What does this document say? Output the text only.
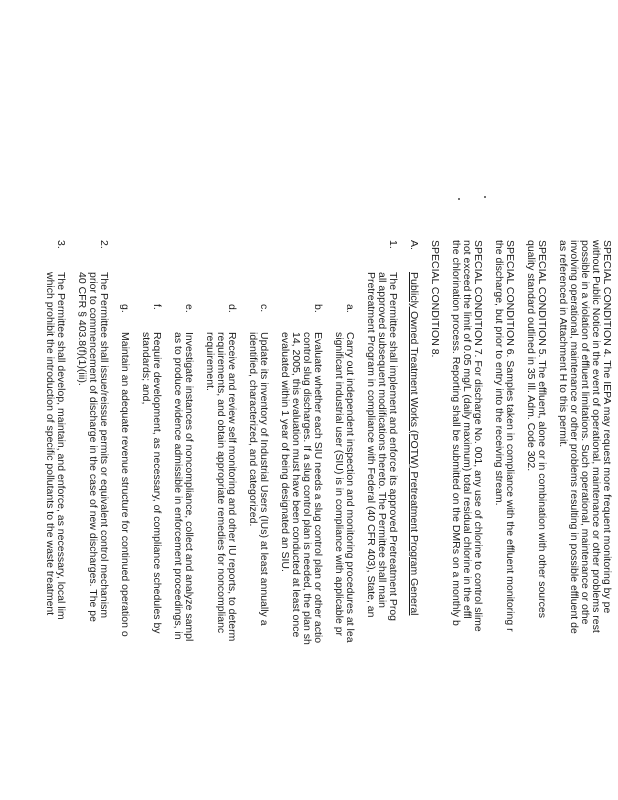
SPECIAL CONDITION 4. The IEPA may request more frequent monitoring by pe
without Public Notice in the event of operational, maintenance or other problems rest
possible in a violation of effluent limitations. Such operational, maintenance or othe
involving operational, maintenance or other problems resulting in possible effluent de
as referenced in Attachment H to this permit.
SPECIAL CONDITION 5. The effluent, alone or in combination with other sources
quality standard outlined in 35 Ill. Adm. Code 302.
SPECIAL CONDITION 6. Samples taken in compliance with the effluent monitoring r
the discharge, but prior to entry into the receiving stream.
SPECIAL CONDITION 7. For discharge No. 001, any use of chlorine to control slime
not exceed the limit of 0.05 mg/L (daily maximum) total residual chlorine in the effl
the chlorination process. Reporting shall be submitted on the DMRs on a monthly b
SPECIAL CONDITION 8.
A.
Publicly Owned Treatment Works (POTW) Pretreatment Program General
1.
The Permittee shall implement and enforce its approved Pretreatment Prog
all approved subsequent modifications thereto. The Permittee shall main
Pretreatment Program in compliance with Federal (40 CFR 403), State, an
a.
Carry out independent inspection and monitoring procedures at lea
significant industrial user (SIU) is in compliance with applicable pr
b.
Evaluate whether each SIU needs a slug control plan or other actio
control slug discharges. If a slug control plan is needed, the plan sh
14, 2005, this evaluation must have been conducted at least once
evaluated within 1 year of being designated an SIU.
c.
Update its inventory of Industrial Users (IUs) at least annually a
identified, characterized, and categorized.
d.
Receive and review self monitoring and other IU reports, to determ
requirements, and obtain appropriate remedies for noncomplianc
requirement.
e.
Investigate instances of noncompliance, collect and analyze sampl
as to produce evidence admissible in enforcement proceedings, in
f.
Require development, as necessary, of compliance schedules by
standards; and,
g.
Maintain an adequate revenue structure for continued operation o
2.
The Permittee shall issue/reissue permits or equivalent control mechanism
prior to commencement of discharge in the case of new discharges. The pe
40 CFR § 403.8(f)(1)(iii).
3.
The Permittee shall develop, maintain, and enforce, as necessary, local lim
which prohibit the introduction of specific pollutants to the waste treatment
